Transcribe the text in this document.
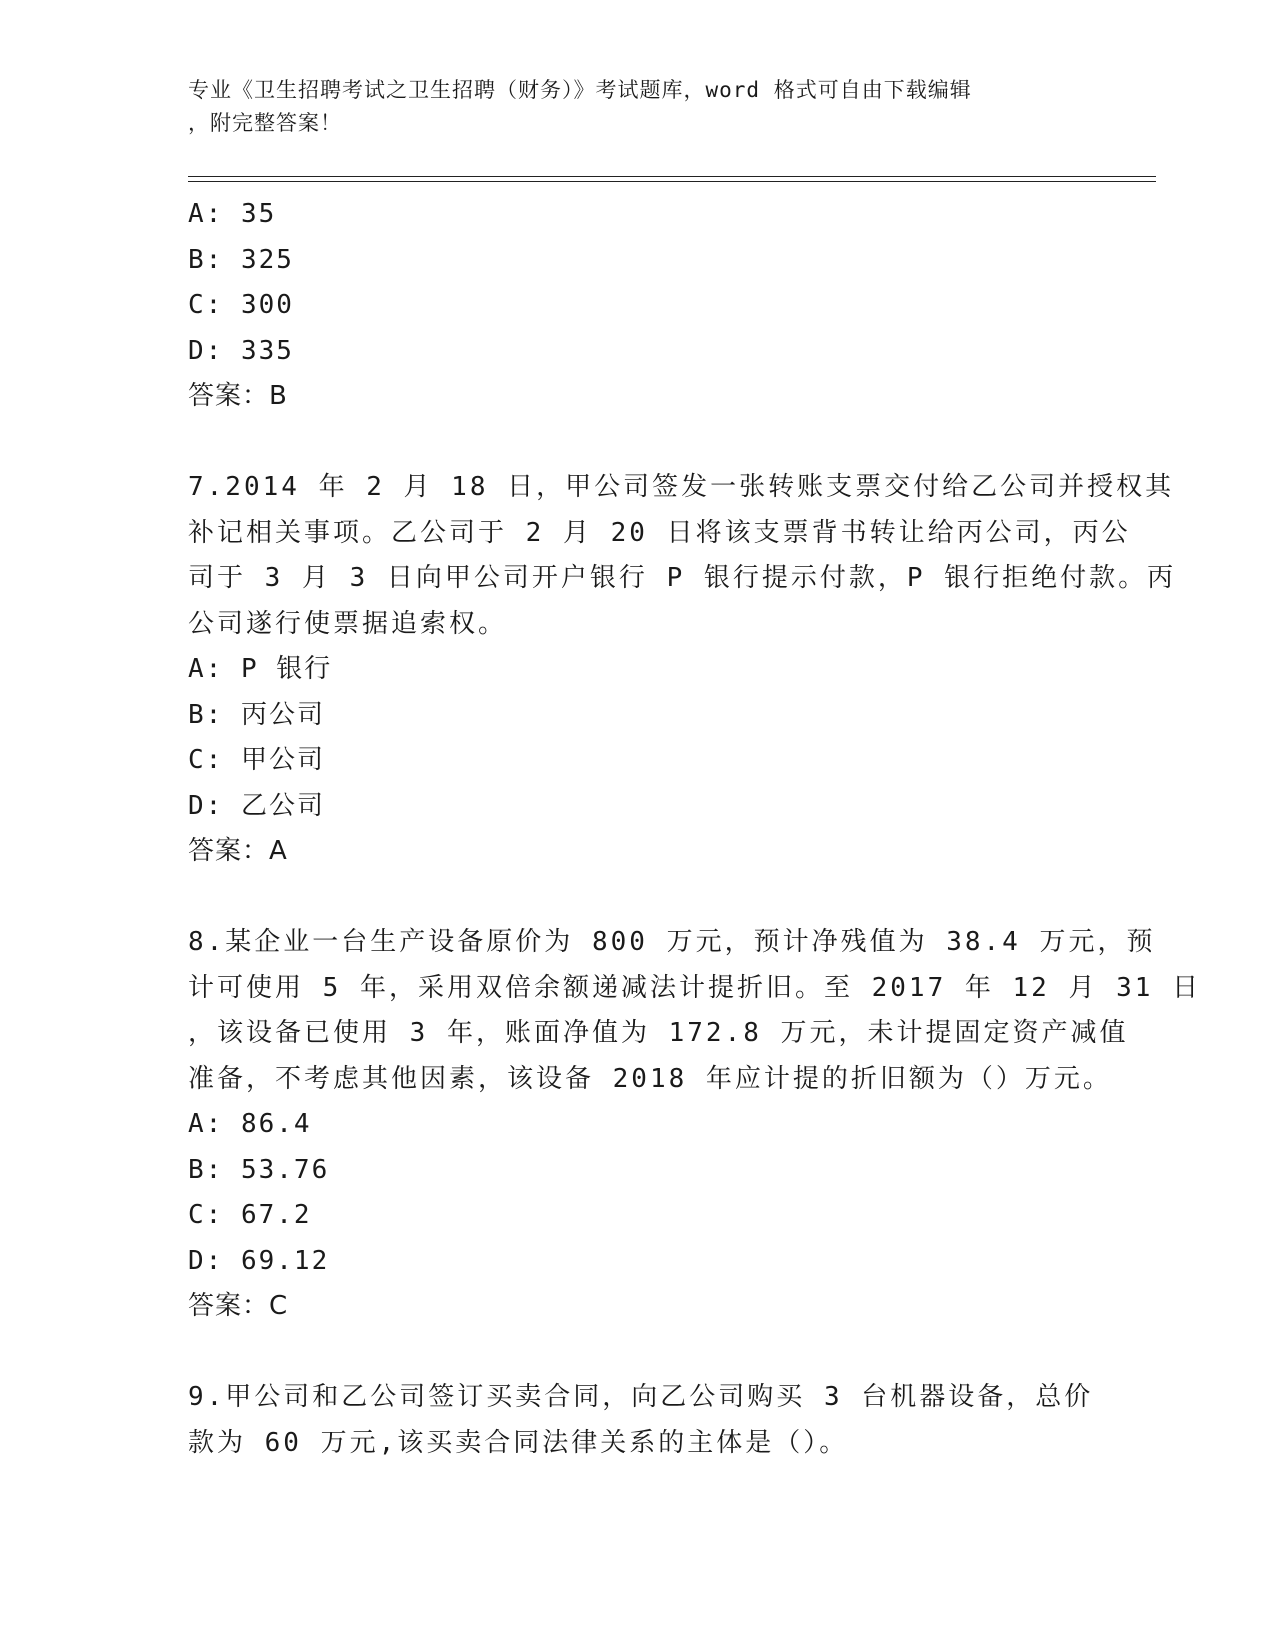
专业《卫生招聘考试之卫生招聘（财务）》考试题库，word 格式可自由下载编辑
，附完整答案！
A: 35
B: 325
C: 300
D: 335
答案：B
7.2014 年 2 月 18 日，甲公司签发一张转账支票交付给乙公司并授权其
补记相关事项。乙公司于 2 月 20 日将该支票背书转让给丙公司，丙公
司于 3 月 3 日向甲公司开户银行 P 银行提示付款，P 银行拒绝付款。丙
公司遂行使票据追索权。
A: P 银行
B: 丙公司
C: 甲公司
D: 乙公司
答案：A
8.某企业一台生产设备原价为 800 万元，预计净残值为 38.4 万元，预
计可使用 5 年，采用双倍余额递减法计提折旧。至 2017 年 12 月 31 日
，该设备已使用 3 年，账面净值为 172.8 万元，未计提固定资产减值
准备，不考虑其他因素，该设备 2018 年应计提的折旧额为（）万元。
A: 86.4
B: 53.76
C: 67.2
D: 69.12
答案：C
9.甲公司和乙公司签订买卖合同，向乙公司购买 3 台机器设备，总价
款为 60 万元,该买卖合同法律关系的主体是（）。
